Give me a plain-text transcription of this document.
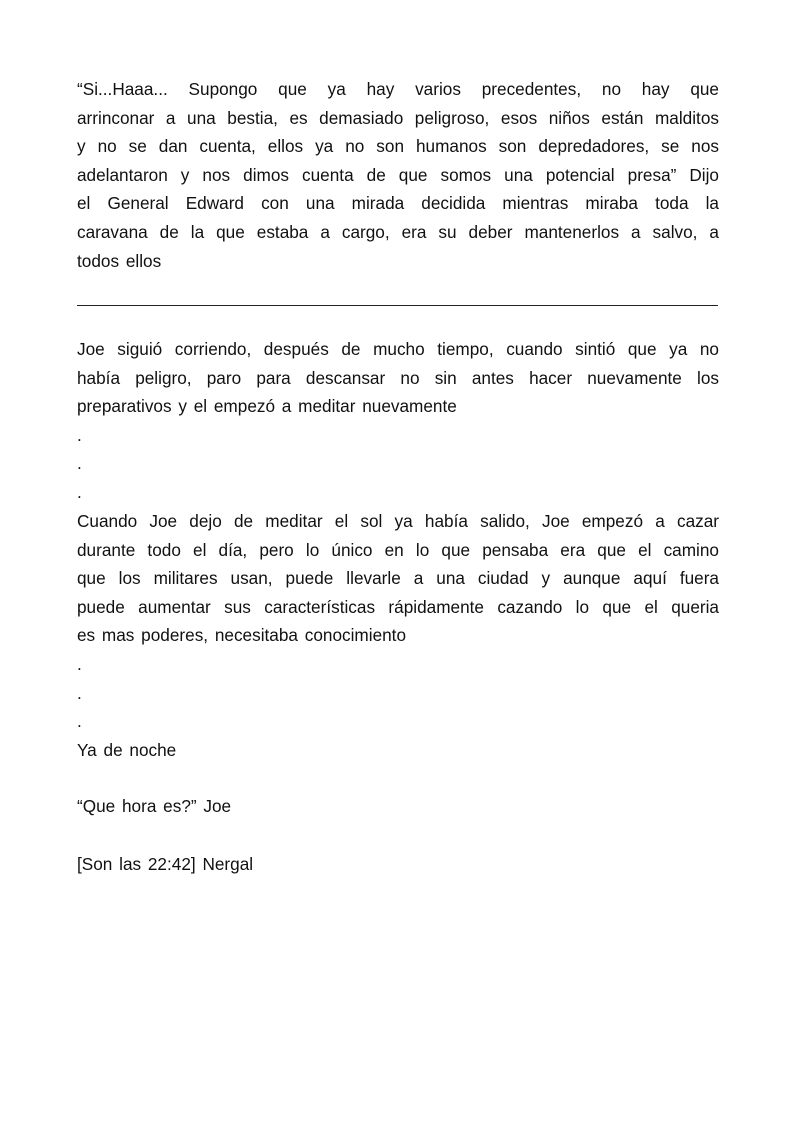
“Si...Haaa... Supongo que ya hay varios precedentes, no hay que
arrinconar a una bestia, es demasiado peligroso, esos niños están malditos
y no se dan cuenta, ellos ya no son humanos son depredadores, se nos
adelantaron y nos dimos cuenta de que somos una potencial presa” Dijo
el General Edward con una mirada decidida mientras miraba toda la
caravana de la que estaba a cargo, era su deber mantenerlos a salvo, a
todos ellos
Joe siguió corriendo, después de mucho tiempo, cuando sintió que ya no
había peligro, paro para descansar no sin antes hacer nuevamente los
preparativos y el empezó a meditar nuevamente
.
.
.
Cuando Joe dejo de meditar el sol ya había salido, Joe empezó a cazar
durante todo el día, pero lo único en lo que pensaba era que el camino
que los militares usan, puede llevarle a una ciudad y aunque aquí fuera
puede aumentar sus características rápidamente cazando lo que el queria
es mas poderes, necesitaba conocimiento
.
.
.
Ya de noche
“Que hora es?” Joe
[Son las 22:42] Nergal
